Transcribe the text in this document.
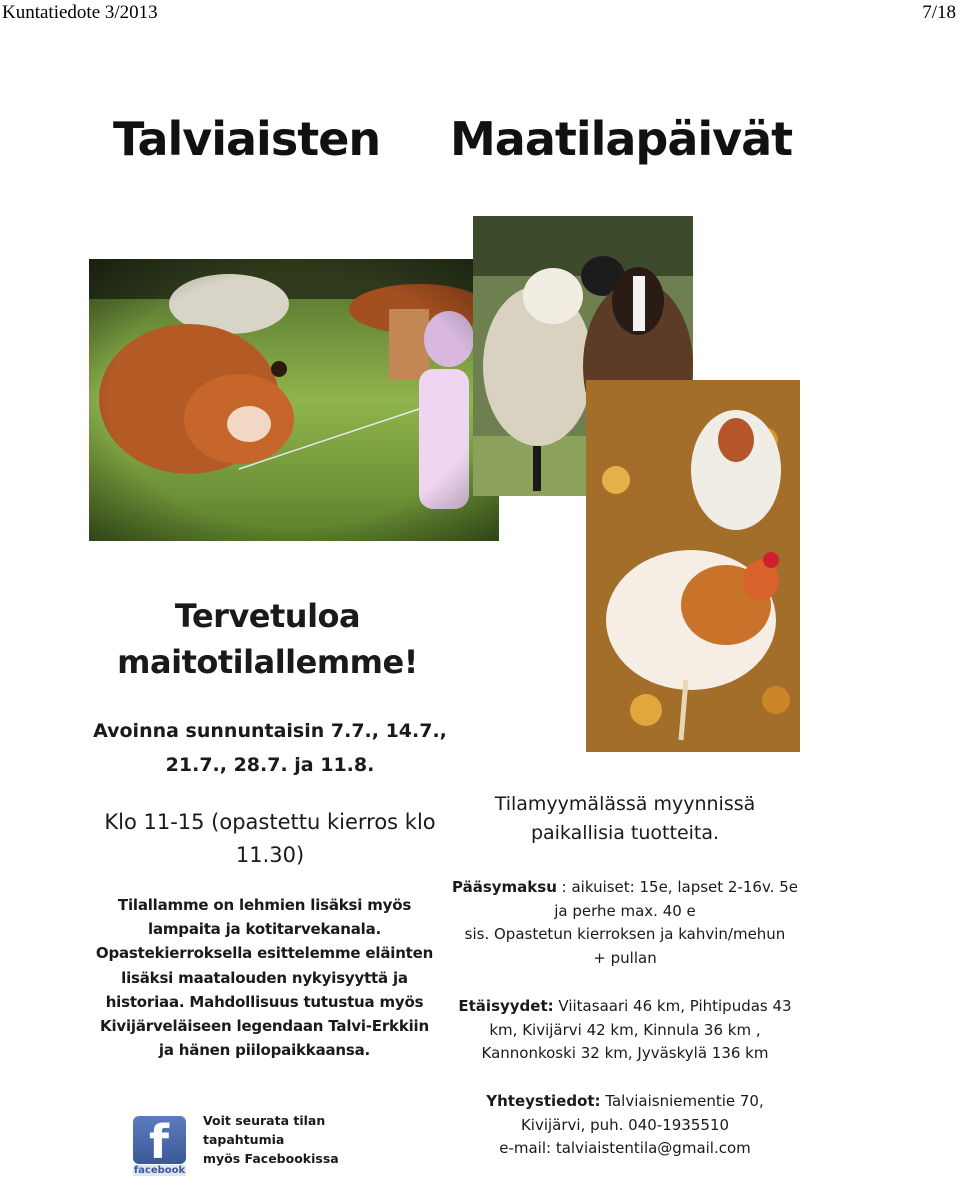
Kuntatiedote 3/2013	7/18
Talviaisten Maatilapäivät
Tervetuloa
maitotilallemme!
Avoinna sunnuntaisin 7.7., 14.7.,
21.7., 28.7. ja 11.8.
Klo 11-15 (opastettu kierros klo
11.30)
Tilallamme on lehmien lisäksi myös
lampaita ja kotitarvekanala.
Opastekierroksella esittelemme eläinten
lisäksi maatalouden nykyisyyttä ja
historiaa. Mahdollisuus tutustua myös
Kivijärveläiseen legendaan Talvi-Erkkiin
ja hänen piilopaikkaansa.
f
facebook
Voit seurata tilan
tapahtumia
myös Facebookissa
Tilamyymälässä myynnissä
paikallisia tuotteita.
Pääsymaksu : aikuiset: 15e, lapset 2-16v. 5e
ja perhe max. 40 e
sis. Opastetun kierroksen ja kahvin/mehun
+ pullan
Etäisyydet: Viitasaari 46 km, Pihtipudas 43
km, Kivijärvi 42 km, Kinnula 36 km ,
Kannonkoski 32 km, Jyväskylä 136 km
Yhteystiedot: Talviaisniementie 70,
Kivijärvi, puh. 040-1935510
e-mail: talviaistentila@gmail.com
